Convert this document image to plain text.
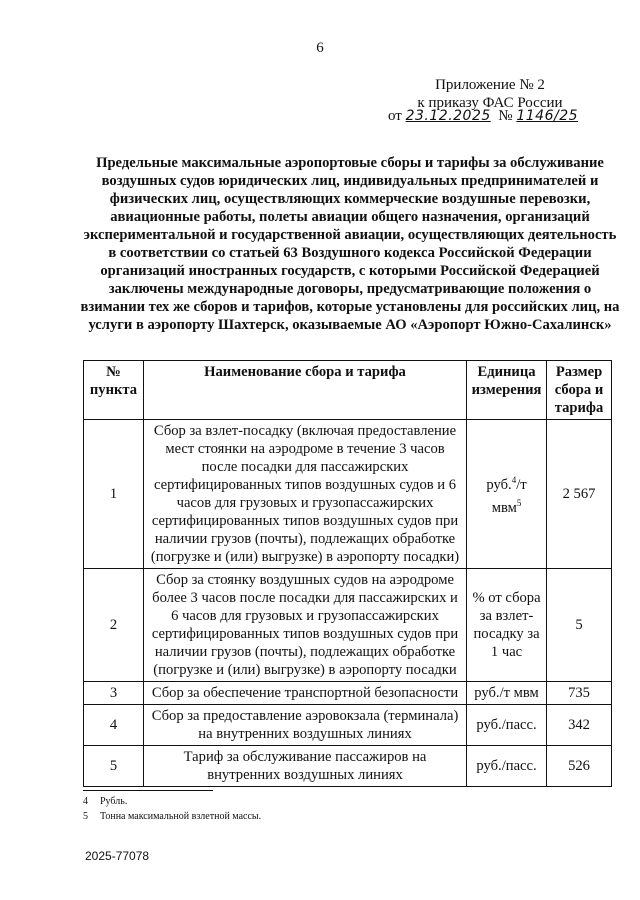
6
Приложение № 2
к приказу ФАС России
от 23.12.2025 № 1146/25
Предельные максимальные аэропортовые сборы и тарифы за обслуживание воздушных судов юридических лиц, индивидуальных предпринимателей и физических лиц, осуществляющих коммерческие воздушные перевозки, авиационные работы, полеты авиации общего назначения, организаций экспериментальной и государственной авиации, осуществляющих деятельность в соответствии со статьей 63 Воздушного кодекса Российской Федерации организаций иностранных государств, с которыми Российской Федерацией заключены международные договоры, предусматривающие положения о взимании тех же сборов и тарифов, которые установлены для российских лиц, на услуги в аэропорту Шахтерск, оказываемые АО «Аэропорт Южно-Сахалинск»
№ пункта	Наименование сбора и тарифа	Единица измерения	Размер сбора и тарифа
1	Сбор за взлет-посадку (включая предоставление мест стоянки на аэродроме в течение 3 часов после посадки для пассажирских сертифицированных типов воздушных судов и 6 часов для грузовых и грузопассажирских сертифицированных типов воздушных судов при наличии грузов (почты), подлежащих обработке (погрузке и (или) выгрузке) в аэропорту посадки)	руб.$^4$/т мвм$^5$	2 567
2	Сбор за стоянку воздушных судов на аэродроме более 3 часов после посадки для пассажирских и 6 часов для грузовых и грузопассажирских сертифицированных типов воздушных судов при наличии грузов (почты), подлежащих обработке (погрузке и (или) выгрузке) в аэропорту посадки	% от сбора за взлет-посадку за 1 час	5
3	Сбор за обеспечение транспортной безопасности	руб./т мвм	735
4	Сбор за предоставление аэровокзала (терминала) на внутренних воздушных линиях	руб./пасс.	342
5	Тариф за обслуживание пассажиров на внутренних воздушных линиях	руб./пасс.	526
4 Рубль.
5 Тонна максимальной взлетной массы.
2025-77078
